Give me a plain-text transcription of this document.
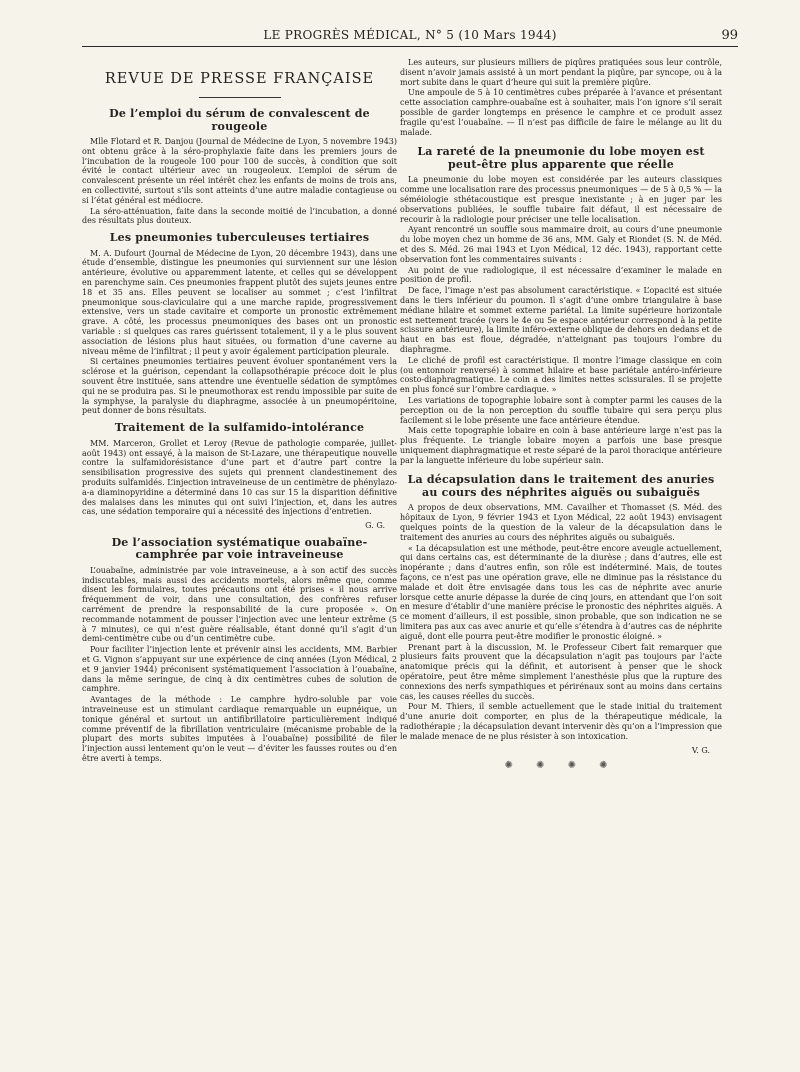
LE PROGRÈS MÉDICAL, N° 5 (10 Mars 1944)	99
REVUE DE PRESSE FRANÇAISE
De l’emploi du sérum de convalescent de rougeole

Mlle Flotard et R. Danjou (Journal de Médecine de Lyon, 5 novembre 1943) ont obtenu grâce à la séro-prophylaxie faite dans les premiers jours de l’incubation de la rougeole 100 pour 100 de succès, à condition que soit évité le contact ultérieur avec un rougeoleux. L’emploi de sérum de convalescent présente un réel intérêt chez les enfants de moins de trois ans, en collectivité, surtout s’ils sont atteints d’une autre maladie contagieuse ou si l’état général est médiocre.

La séro-atténuation, faite dans la seconde moitié de l’incubation, a donné des résultats plus douteux.

Les pneumonies tuberculeuses tertiaires

M. A. Dufourt (Journal de Médecine de Lyon, 20 décembre 1943), dans une étude d’ensemble, distingue les pneumonies qui surviennent sur une lésion antérieure, évolutive ou apparemment latente, et celles qui se développent en parenchyme sain. Ces pneumonies frappent plutôt des sujets jeunes entre 18 et 35 ans. Elles peuvent se localiser au sommet ; c’est l’infiltrat pneumonique sous-claviculaire qui a une marche rapide, progressivement extensive, vers un stade cavitaire et comporte un pronostic extrêmement grave. A côté, les processus pneumoniques des bases ont un pronostic variable : si quelques cas rares guérissent totalement, il y a le plus souvent association de lésions plus haut situées, ou formation d’une caverne au niveau même de l’infiltrat ; il peut y avoir également participation pleurale.

Si certaines pneumonies tertiaires peuvent évoluer spontanément vers la sclérose et la guérison, cependant la collapsothérapie précoce doit le plus souvent être instituée, sans attendre une éventuelle sédation de symptômes qui ne se produira pas. Si le pneumothorax est rendu impossible par suite de la symphyse, la paralysie du diaphragme, associée à un pneumopéritoine, peut donner de bons résultats.

Traitement de la sulfamido-intolérance

MM. Marceron, Grollet et Leroy (Revue de pathologie comparée, juillet-août 1943) ont essayé, à la maison de St-Lazare, une thérapeutique nouvelle contre la sulfamidorésistance d’une part et d’autre part contre la sensibilisation progressive des sujets qui prennent clandestinement des produits sulfamidés. L’injection intraveineuse de un centimètre de phénylazo-a-a diaminopyridine a déterminé dans 10 cas sur 15 la disparition définitive des malaises dans les minutes qui ont suivi l’injection, et, dans les autres cas, une sédation temporaire qui a nécessité des injections d’entretien.

G. G.
De l’association systématique ouabaïne-camphrée par voie intraveineuse

L’ouabaïne, administrée par voie intraveineuse, a à son actif des succès indiscutables, mais aussi des accidents mortels, alors même que, comme disent les formulaires, toutes précautions ont été prises « il nous arrive fréquemment de voir, dans une consultation, des confrères refuser carrément de prendre la responsabilité de la cure proposée ». On recommande notamment de pousser l’injection avec une lenteur extrême (5 à 7 minutes), ce qui n’est guère réalisable, étant donné qu’il s’agit d’un demi-centimètre cube ou d’un centimètre cube.

Pour faciliter l’injection lente et prévenir ainsi les accidents, MM. Barbier et G. Vignon s’appuyant sur une expérience de cinq années (Lyon Médical, 2 et 9 janvier 1944) préconisent systématiquement l’association à l’ouabaïne, dans la même seringue, de cinq à dix centimètres cubes de solution de camphre.

Avantages de la méthode : Le camphre hydro-soluble par voie intraveineuse est un stimulant cardiaque remarquable un eupnéique, un tonique général et surtout un antifibrillatoire particulièrement indiqué comme préventif de la fibrillation ventriculaire (mécanisme probable de la plupart des morts subites imputées à l’ouabaïne) possibilité de filer l’injection aussi lentement qu’on le veut — d’éviter les fausses routes ou d’en être averti à temps.

Les auteurs, sur plusieurs milliers de piqûres pratiquées sous leur contrôle, disent n’avoir jamais assisté à un mort pendant la piqûre, par syncope, ou à la mort subite dans le quart d’heure qui suit la première piqûre.

Une ampoule de 5 à 10 centimètres cubes préparée à l’avance et présentant cette association camphre-ouabaïne est à souhaiter, mais l’on ignore s’il serait possible de garder longtemps en présence le camphre et ce produit assez fragile qu’est l’ouabaïne. — Il n’est pas difficile de faire le mélange au lit du malade.

La rareté de la pneumonie du lobe moyen est peut-être plus apparente que réelle

La pneumonie du lobe moyen est considérée par les auteurs classiques comme une localisation rare des processus pneumoniques — de 5 à 0,5 % — la séméiologie sthétacoustique est presque inexistante ; à en juger par les observations publiées, le souffle tubaire fait défaut, il est nécessaire de recourir à la radiologie pour préciser une telle localisation.

Ayant rencontré un souffle sous mammaire droit, au cours d’une pneumonie du lobe moyen chez un homme de 36 ans, MM. Galy et Riondet (S. N. de Méd. et des S. Méd. 26 mai 1943 et Lyon Médical, 12 déc. 1943), rapportant cette observation font les commentaires suivants :

Au point de vue radiologique, il est nécessaire d’examiner le malade en position de profil.

De face, l’image n’est pas absolument caractéristique. « L’opacité est située dans le tiers inférieur du poumon. Il s’agit d’une ombre triangulaire à base médiane hilaire et sommet externe pariétal. La limite supérieure horizontale est nettement tracée (vers le 4e ou 5e espace antérieur correspond à la petite scissure antérieure), la limite inféro-externe oblique de dehors en dedans et de haut en bas est floue, dégradée, n’atteignant pas toujours l’ombre du diaphragme.

Le cliché de profil est caractéristique. Il montre l’image classique en coin (ou entonnoir renversé) à sommet hilaire et base pariétale antéro-inférieure costo-diaphragmatique. Le coin a des limites nettes scissurales. Il se projette en plus foncé sur l’ombre cardiaque. »

Les variations de topographie lobaire sont à compter parmi les causes de la perception ou de la non perception du souffle tubaire qui sera perçu plus facilement si le lobe présente une face antérieure étendue.

Mais cette topographie lobaire en coin à base antérieure large n’est pas la plus fréquente. Le triangle lobaire moyen a parfois une base presque uniquement diaphragmatique et reste séparé de la paroi thoracique antérieure par la languette inférieure du lobe supérieur sain.

La décapsulation dans le traitement des anuries au cours des néphrites aiguës ou subaiguës

A propos de deux observations, MM. Cavailher et Thomasset (S. Méd. des hôpitaux de Lyon, 9 février 1943 et Lyon Médical, 22 août 1943) envisagent quelques points de la question de la valeur de la décapsulation dans le traitement des anuries au cours des néphrites aiguës ou subaiguës.

« La décapsulation est une méthode, peut-être encore aveugle actuellement, qui dans certains cas, est déterminante de la diurèse ; dans d’autres, elle est inopérante ; dans d’autres enfin, son rôle est indéterminé. Mais, de toutes façons, ce n’est pas une opération grave, elle ne diminue pas la résistance du malade et doit être envisagée dans tous les cas de néphrite avec anurie lorsque cette anurie dépasse la durée de cinq jours, en attendant que l’on soit en mesure d’établir d’une manière précise le pronostic des néphrites aiguës. A ce moment d’ailleurs, il est possible, sinon probable, que son indication ne se limitera pas aux cas avec anurie et qu’elle s’étendra à d’autres cas de néphrite aiguë, dont elle pourra peut-être modifier le pronostic éloigné. »

Prenant part à la discussion, M. le Professeur Cibert fait remarquer que plusieurs faits prouvent que la décapsulation n’agit pas toujours par l’acte anatomique précis qui la définit, et autorisent à penser que le shock opératoire, peut être même simplement l’anesthésie plus que la rupture des connexions des nerfs sympathiques et périrénaux sont au moins dans certains cas, les causes réelles du succès.

Pour M. Thiers, il semble actuellement que le stade initial du traitement d’une anurie doit comporter, en plus de la thérapeutique médicale, la radiothérapie ; la décapsulation devant intervenir dès qu’on a l’impression que le malade menace de ne plus résister à son intoxication.

V. G.
✺ ✺ ✺ ✺
